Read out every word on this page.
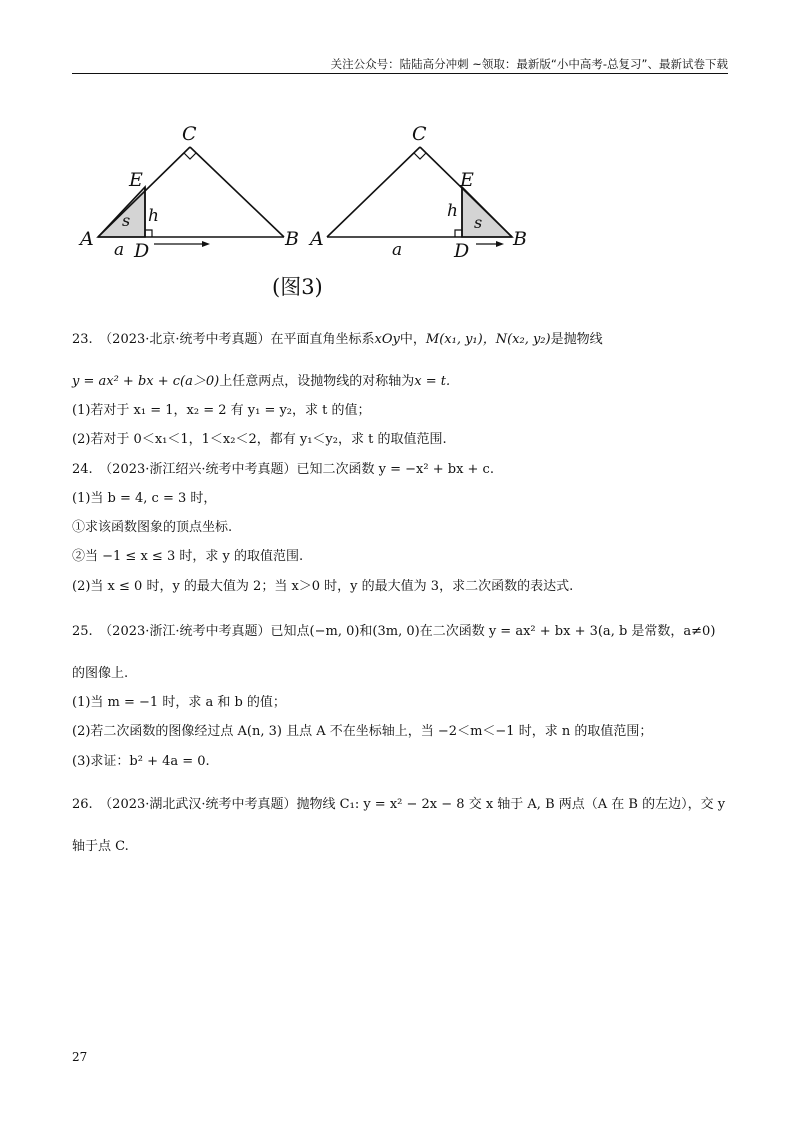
关注公众号：陆陆高分冲刺 ~领取：最新版“小中高考-总复习”、最新试卷下载
C
E
A	B
D
s h
a
C
E
A	B
D
s
h
a
(图3)
23.　（2023·北京·统考中考真题）在平面直角坐标系xOy中，M(x₁, y₁)，N(x₂, y₂)是抛物线
y = ax² + bx + c(a＞0)上任意两点，设抛物线的对称轴为x = t.
(1)若对于 x₁ = 1，x₂ = 2 有 y₁ = y₂，求 t 的值；
(2)若对于 0＜x₁＜1，1＜x₂＜2，都有 y₁＜y₂，求 t 的取值范围.
24.　（2023·浙江绍兴·统考中考真题）已知二次函数 y = −x² + bx + c.
(1)当 b = 4, c = 3 时，
①求该函数图象的顶点坐标.
②当 −1 ≤ x ≤ 3 时，求 y 的取值范围.
(2)当 x ≤ 0 时，y 的最大值为 2；当 x＞0 时，y 的最大值为 3，求二次函数的表达式.
25.　（2023·浙江·统考中考真题）已知点(−m, 0)和(3m, 0)在二次函数 y = ax² + bx + 3(a, b 是常数，a≠0)
的图像上.
(1)当 m = −1 时，求 a 和 b 的值；
(2)若二次函数的图像经过点 A(n, 3) 且点 A 不在坐标轴上，当 −2＜m＜−1 时，求 n 的取值范围；
(3)求证：b² + 4a = 0.
26.　（2023·湖北武汉·统考中考真题）抛物线 C₁: y = x² − 2x − 8 交 x 轴于 A, B 两点（A 在 B 的左边），交 y
轴于点 C.
27
